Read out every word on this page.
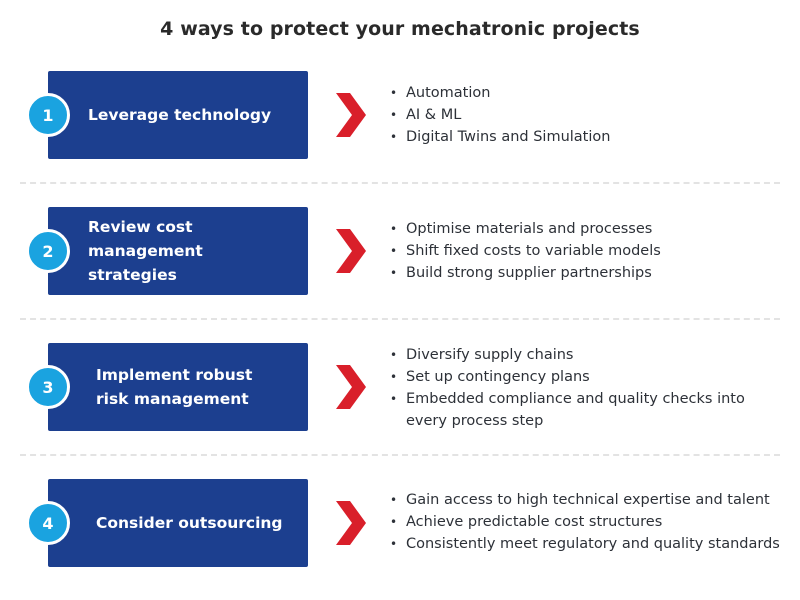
4 ways to protect your mechatronic projects
1	Leverage technology
• Automation
• AI & ML
• Digital Twins and Simulation
2
Review cost management strategies
• Optimise materials and processes
• Shift fixed costs to variable models
• Build strong supplier partnerships
3
Implement robust risk management
• Diversify supply chains
• Set up contingency plans
• Embedded compliance and quality checks into every process step
4	Consider outsourcing
• Gain access to high technical expertise and talent
• Achieve predictable cost structures
• Consistently meet regulatory and quality standards
